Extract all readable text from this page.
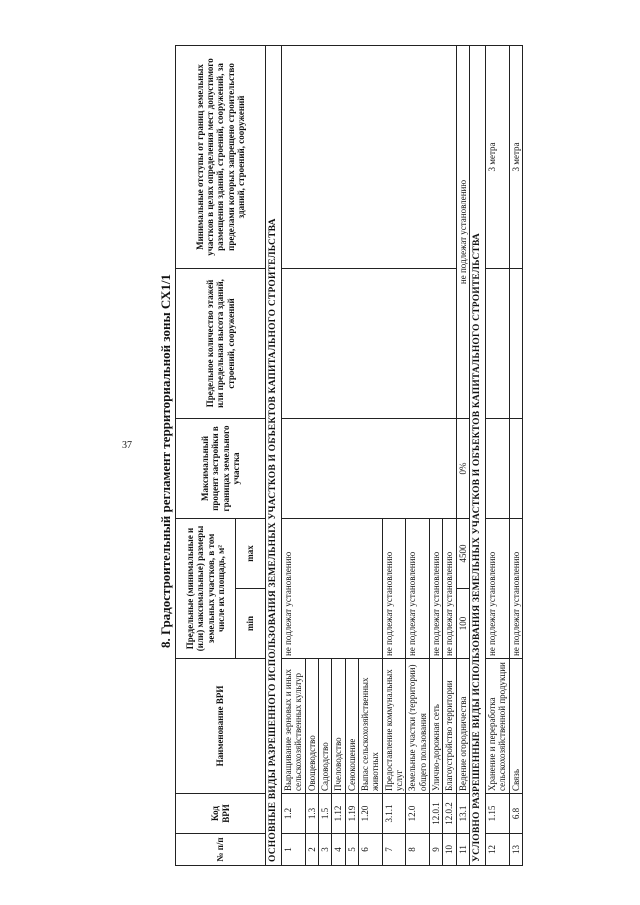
37 8. Градостроительный регламент территориальной зоны СХ1/1
№ п/п	Код ВРИ	Наименование ВРИ	Предельные (минимальные и (или) максимальные) размеры земельных участков, в том числе их площадь, м²		Максимальный процент застройки в границах земельного участка	Предельное количество этажей или предельная высота зданий, строений, сооружений	Минимальные отступы от границ земельных участков в целях определения мест допустимого размещения зданий, строений, сооружений, за пределами которых запрещено строительство зданий, строений, сооружений
			min	max			
ОСНОВНЫЕ ВИДЫ РАЗРЕШЕННОГО ИСПОЛЬЗОВАНИЯ ЗЕМЕЛЬНЫХ УЧАСТКОВ И ОБЪЕКТОВ КАПИТАЛЬНОГО СТРОИТЕЛЬСТВА							
1	1.2	Выращивание зерновых и иных сельскохозяйственных культур	не подлежат установлению				
2	1.3	Овощеводство					
3	1.5	Садоводство					
4	1.12	Пчеловодство					
5	1.19	Сенокошение					
6	1.20	Выпас сельскохозяйственных животных					
7	3.1.1	Предоставление коммунальных услуг	не подлежат установлению				
8	12.0	Земельные участки (территории) общего пользования	не подлежат установлению				
9	12.0.1	Улично-дорожная сеть	не подлежат установлению				
10	12.0.2	Благоустройство территории	не подлежат установлению				
11	13.1	Ведение огородничества	100	4500	0%	не подлежат установлению	
УСЛОВНО РАЗРЕШЕННЫЕ ВИДЫ ИСПОЛЬЗОВАНИЯ ЗЕМЕЛЬНЫХ УЧАСТКОВ И ОБЪЕКТОВ КАПИТАЛЬНОГО СТРОИТЕЛЬСТВА							
12	1.15	Хранение и переработка сельскохозяйственной продукции	не подлежат установлению				3 метра
13	6.8	Связь	не подлежат установлению				3 метра
